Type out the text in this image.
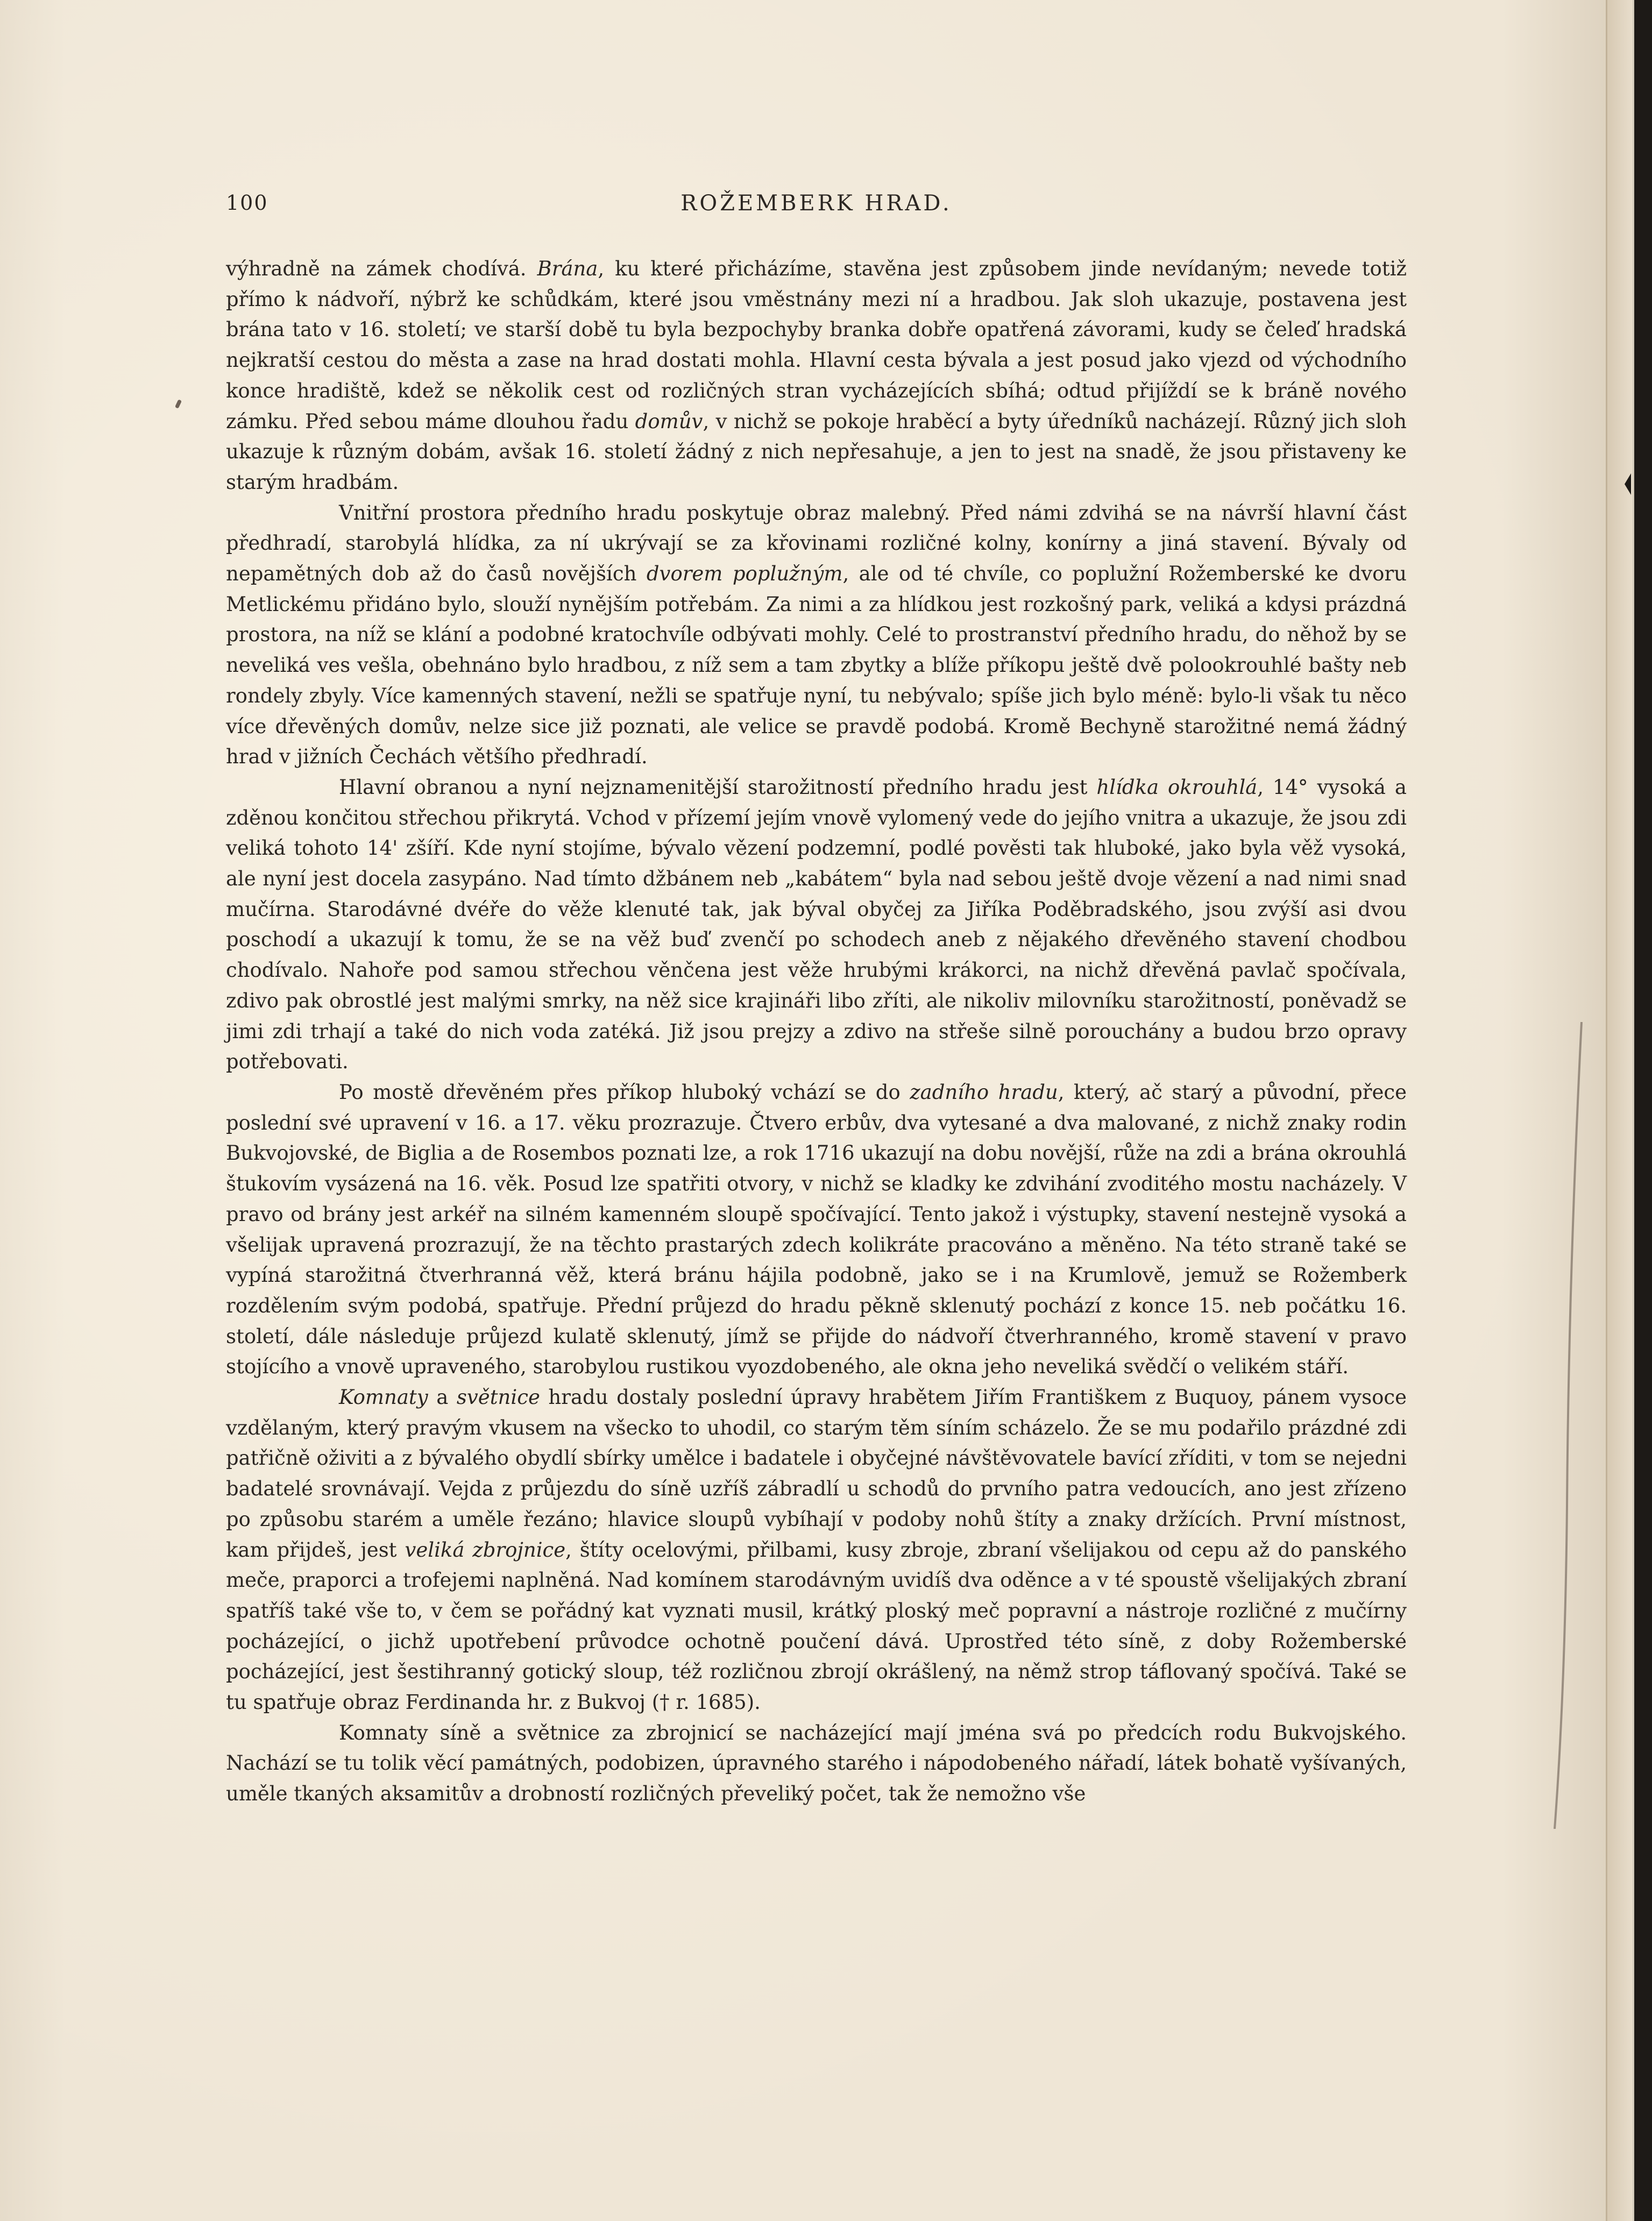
100	ROŽEMBERK HRAD.

výhradně na zámek chodívá. Brána, ku které přicházíme, stavěna jest způsobem jinde nevídaným; nevede totiž přímo k nádvoří, nýbrž ke schůdkám, které jsou vměstnány mezi ní a hradbou. Jak sloh ukazuje, postavena jest brána tato v 16. století; ve starší době tu byla bezpochyby branka dobře opatřená závorami, kudy se čeleď hradská nejkratší cestou do města a zase na hrad dostati mohla. Hlavní cesta bývala a jest posud jako vjezd od východního konce hradiště, kdež se několik cest od rozličných stran vycházejících sbíhá; odtud přijíždí se k bráně nového zámku. Před sebou máme dlouhou řadu domův, v nichž se pokoje hraběcí a byty úředníků nacházejí. Různý jich sloh ukazuje k různým dobám, avšak 16. století žádný z nich nepřesahuje, a jen to jest na snadě, že jsou přistaveny ke starým hradbám.

Vnitřní prostora předního hradu poskytuje obraz malebný. Před námi zdvihá se na návrší hlavní část předhradí, starobylá hlídka, za ní ukrývají se za křovinami rozličné kolny, konírny a jiná stavení. Bývaly od nepamětných dob až do časů novějších dvorem poplužným, ale od té chvíle, co poplužní Rožemberské ke dvoru Metlickému přidáno bylo, slouží nynějším potřebám. Za nimi a za hlídkou jest rozkošný park, veliká a kdysi prázdná prostora, na níž se klání a podobné kratochvíle odbývati mohly. Celé to prostranství předního hradu, do něhož by se neveliká ves vešla, obehnáno bylo hradbou, z níž sem a tam zbytky a blíže příkopu ještě dvě polookrouhlé bašty neb rondely zbyly. Více kamenných stavení, nežli se spatřuje nyní, tu nebývalo; spíše jich bylo méně: bylo-li však tu něco více dřevěných domův, nelze sice již poznati, ale velice se pravdě podobá. Kromě Bechyně starožitné nemá žádný hrad v jižních Čechách většího předhradí.

Hlavní obranou a nyní nejznamenitější starožitností předního hradu jest hlídka okrouhlá, 14° vysoká a zděnou končitou střechou přikrytá. Vchod v přízemí jejím vnově vylomený vede do jejího vnitra a ukazuje, že jsou zdi veliká tohoto 14' zšíří. Kde nyní stojíme, bývalo vězení podzemní, podlé pověsti tak hluboké, jako byla věž vysoká, ale nyní jest docela zasypáno. Nad tímto džbánem neb „kabátem“ byla nad sebou ještě dvoje vězení a nad nimi snad mučírna. Starodávné dvéře do věže klenuté tak, jak býval obyčej za Jiříka Poděbradského, jsou zvýší asi dvou poschodí a ukazují k tomu, že se na věž buď zvenčí po schodech aneb z nějakého dřevěného stavení chodbou chodívalo. Nahoře pod samou střechou věnčena jest věže hrubými krákorci, na nichž dřevěná pavlač spočívala, zdivo pak obrostlé jest malými smrky, na něž sice krajináři libo zříti, ale nikoliv milovníku starožitností, poněvadž se jimi zdi trhají a také do nich voda zatéká. Již jsou prejzy a zdivo na střeše silně porouchány a budou brzo opravy potřebovati.

Po mostě dřevěném přes příkop hluboký vchází se do zadního hradu, který, ač starý a původní, přece poslední své upravení v 16. a 17. věku prozrazuje. Čtvero erbův, dva vytesané a dva malované, z nichž znaky rodin Bukvojovské, de Biglia a de Rosembos poznati lze, a rok 1716 ukazují na dobu novější, růže na zdi a brána okrouhlá štukovím vysázená na 16. věk. Posud lze spatřiti otvory, v nichž se kladky ke zdvihání zvoditého mostu nacházely. V pravo od brány jest arkéř na silném kamenném sloupě spočívající. Tento jakož i výstupky, stavení nestejně vysoká a všelijak upravená prozrazují, že na těchto prastarých zdech kolikráte pracováno a měněno. Na této straně také se vypíná starožitná čtverhranná věž, která bránu hájila podobně, jako se i na Krumlově, jemuž se Rožemberk rozdělením svým podobá, spatřuje. Přední průjezd do hradu pěkně sklenutý pochází z konce 15. neb počátku 16. století, dále následuje průjezd kulatě sklenutý, jímž se přijde do nádvoří čtverhranného, kromě stavení v pravo stojícího a vnově upraveného, starobylou rustikou vyozdobeného, ale okna jeho neveliká svědčí o velikém stáří.

Komnaty a světnice hradu dostaly poslední úpravy hrabětem Jiřím Františkem z Buquoy, pánem vysoce vzdělaným, který pravým vkusem na všecko to uhodil, co starým těm síním scházelo. Že se mu podařilo prázdné zdi patřičně oživiti a z bývalého obydlí sbírky umělce i badatele i obyčejné návštěvovatele bavící zříditi, v tom se nejedni badatelé srovnávají. Vejda z průjezdu do síně uzříš zábradlí u schodů do prvního patra vedoucích, ano jest zřízeno po způsobu starém a uměle řezáno; hlavice sloupů vybíhají v podoby nohů štíty a znaky držících. První místnost, kam přijdeš, jest veliká zbrojnice, štíty ocelovými, přilbami, kusy zbroje, zbraní všelijakou od cepu až do panského meče, praporci a trofejemi naplněná. Nad komínem starodávným uvidíš dva oděnce a v té spoustě všelijakých zbraní spatříš také vše to, v čem se pořádný kat vyznati musil, krátký ploský meč popravní a nástroje rozličné z mučírny pocházející, o jichž upotřebení průvodce ochotně poučení dává. Uprostřed této síně, z doby Rožemberské pocházející, jest šestihranný gotický sloup, též rozličnou zbrojí okrášlený, na němž strop táflovaný spočívá. Také se tu spatřuje obraz Ferdinanda hr. z Bukvoj († r. 1685).

Komnaty síně a světnice za zbrojnicí se nacházející mají jména svá po předcích rodu Bukvojského. Nachází se tu tolik věcí památných, podobizen, úpravného starého i nápodobeného nářadí, látek bohatě vyšívaných, uměle tkaných aksamitův a drobností rozličných převeliký počet, tak že nemožno vše
